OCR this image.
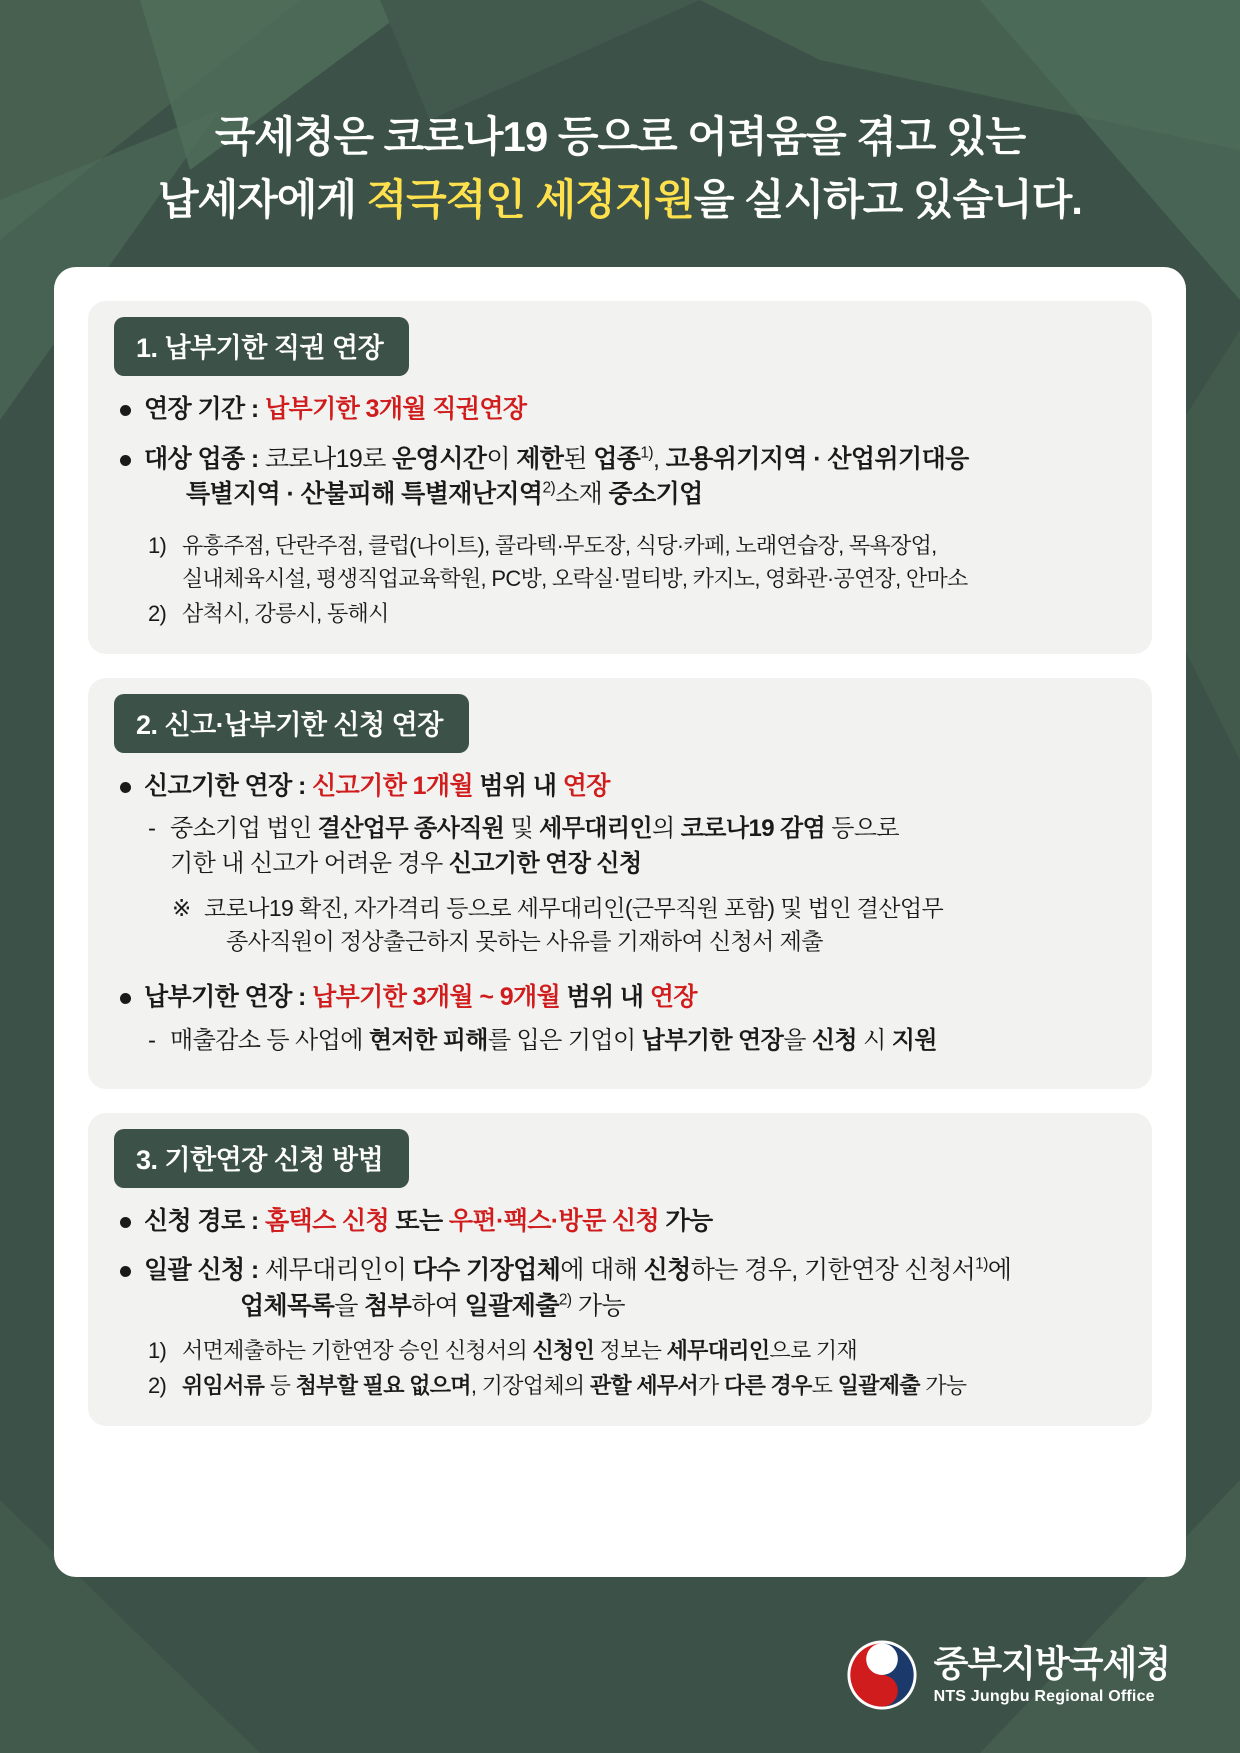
국세청은 코로나19 등으로 어려움을 겪고 있는
납세자에게 적극적인 세정지원을 실시하고 있습니다.
1. 납부기한 직권 연장
연장 기간 : 납부기한 3개월 직권연장
대상 업종 : 코로나19로 운영시간이 제한된 업종$^{1)}$, 고용위기지역 · 산업위기대응
특별지역 · 산불피해 특별재난지역$^{2)}$소재 중소기업
1) 유흥주점, 단란주점, 클럽(나이트), 콜라텍·무도장, 식당·카페, 노래연습장, 목욕장업,
실내체육시설, 평생직업교육학원, PC방, 오락실·멀티방, 카지노, 영화관·공연장, 안마소
2) 삼척시, 강릉시, 동해시
2. 신고·납부기한 신청 연장
신고기한 연장 : 신고기한 1개월 범위 내 연장
- 중소기업 법인 결산업무 종사직원 및 세무대리인의 코로나19 감염 등으로
기한 내 신고가 어려운 경우 신고기한 연장 신청
※ 코로나19 확진, 자가격리 등으로 세무대리인(근무직원 포함) 및 법인 결산업무
종사직원이 정상출근하지 못하는 사유를 기재하여 신청서 제출
납부기한 연장 : 납부기한 3개월 ~ 9개월 범위 내 연장
- 매출감소 등 사업에 현저한 피해를 입은 기업이 납부기한 연장을 신청 시 지원
3. 기한연장 신청 방법
신청 경로 : 홈택스 신청 또는 우편·팩스·방문 신청 가능
일괄 신청 : 세무대리인이 다수 기장업체에 대해 신청하는 경우, 기한연장 신청서$^{1)}$에
업체목록을 첨부하여 일괄제출$^{2)}$ 가능
1) 서면제출하는 기한연장 승인 신청서의 신청인 정보는 세무대리인으로 기재
2) 위임서류 등 첨부할 필요 없으며, 기장업체의 관할 세무서가 다른 경우도 일괄제출 가능
중부지방국세청
NTS Jungbu Regional Office
